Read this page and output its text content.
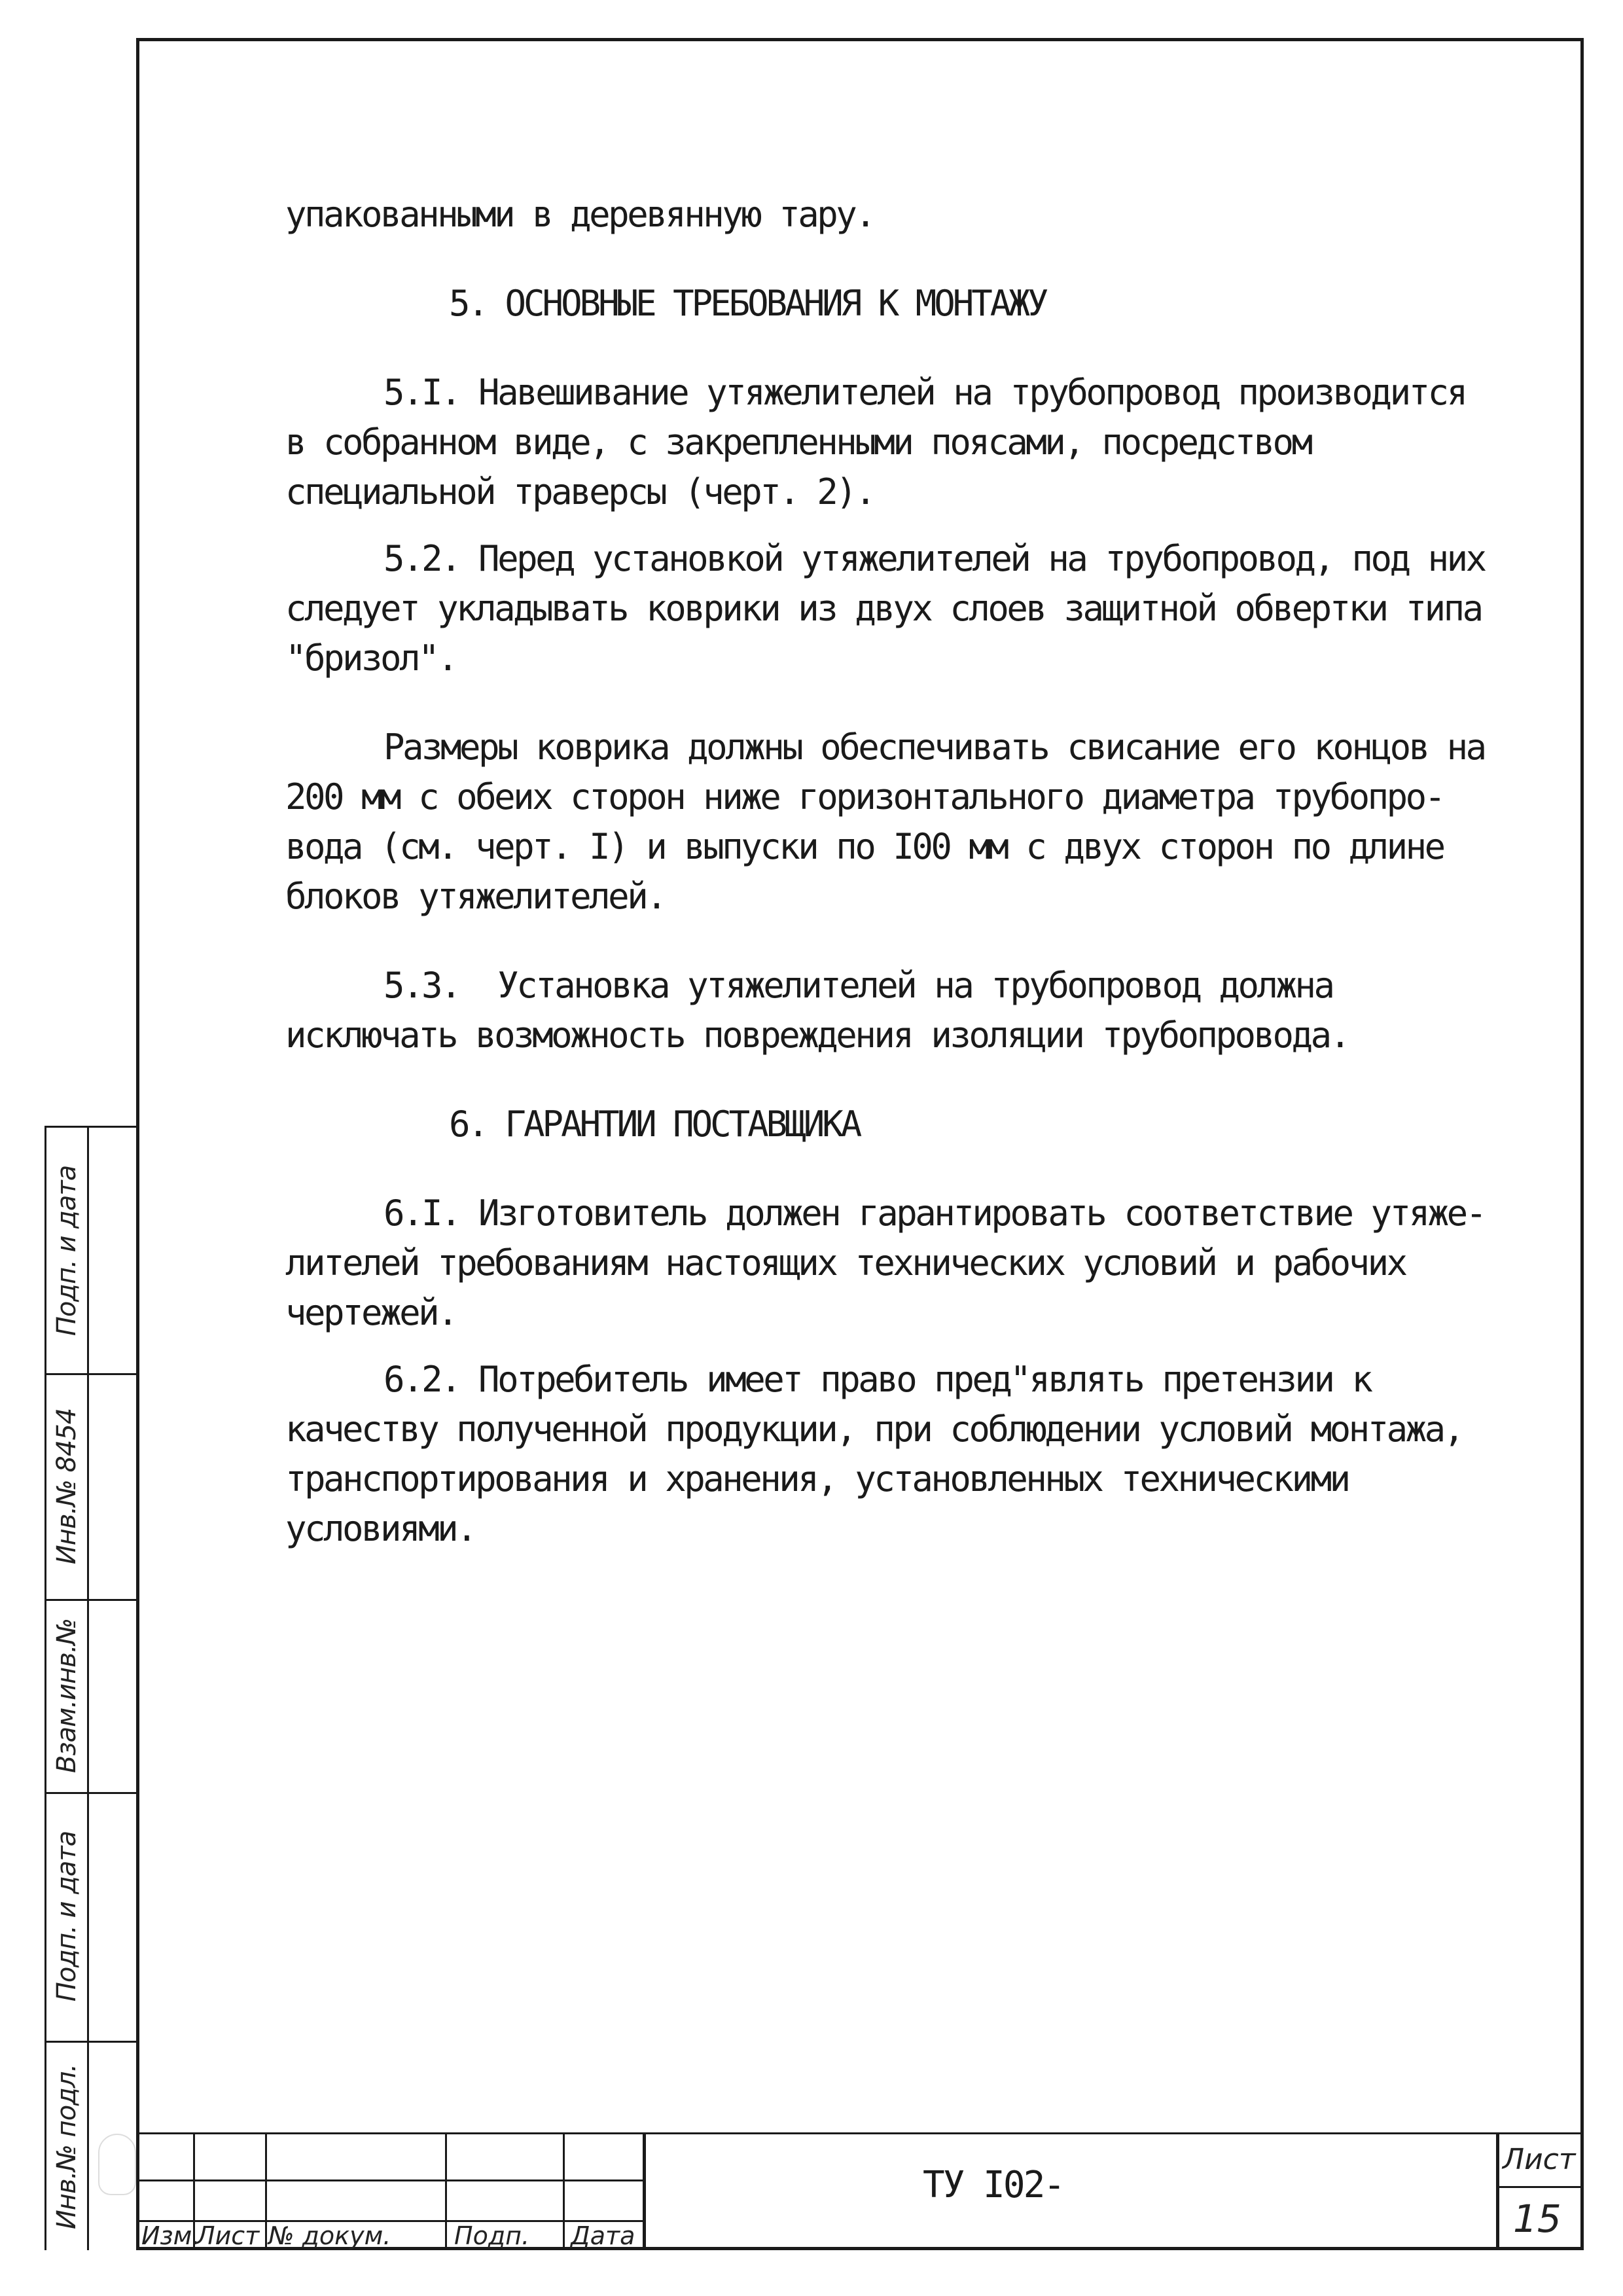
упакованными в деревянную тару.
5. ОСНОВНЫЕ ТРЕБОВАНИЯ К МОНТАЖУ
5.I. Навешивание утяжелителей на трубопровод производится
в собранном виде, с закрепленными поясами, посредством
специальной траверсы (черт. 2).
5.2. Перед установкой утяжелителей на трубопровод, под них
следует укладывать коврики из двух слоев защитной обвертки типа
"бризол".
Размеры коврика должны обеспечивать свисание его концов на
200 мм с обеих сторон ниже горизонтального диаметра трубопро-
вода (см. черт. I) и выпуски по I00 мм с двух сторон по длине
блоков утяжелителей.
5.3.  Установка утяжелителей на трубопровод должна
исключать возможность повреждения изоляции трубопровода.
6. ГАРАНТИИ ПОСТАВЩИКА
6.I. Изготовитель должен гарантировать соответствие утяже-
лителей требованиям настоящих технических условий и рабочих
чертежей.
6.2. Потребитель имеет право пред"являть претензии к
качеству полученной продукции, при соблюдении условий монтажа,
транспортирования и хранения, установленных техническими
условиями.
Подп. и дата
Инв.№ 8454
Взам.инв.№
Подп. и дата
Инв.№ подл.
Изм.
Лист № докум.	Подп.	Дата
ТУ I02-
Лист
15
